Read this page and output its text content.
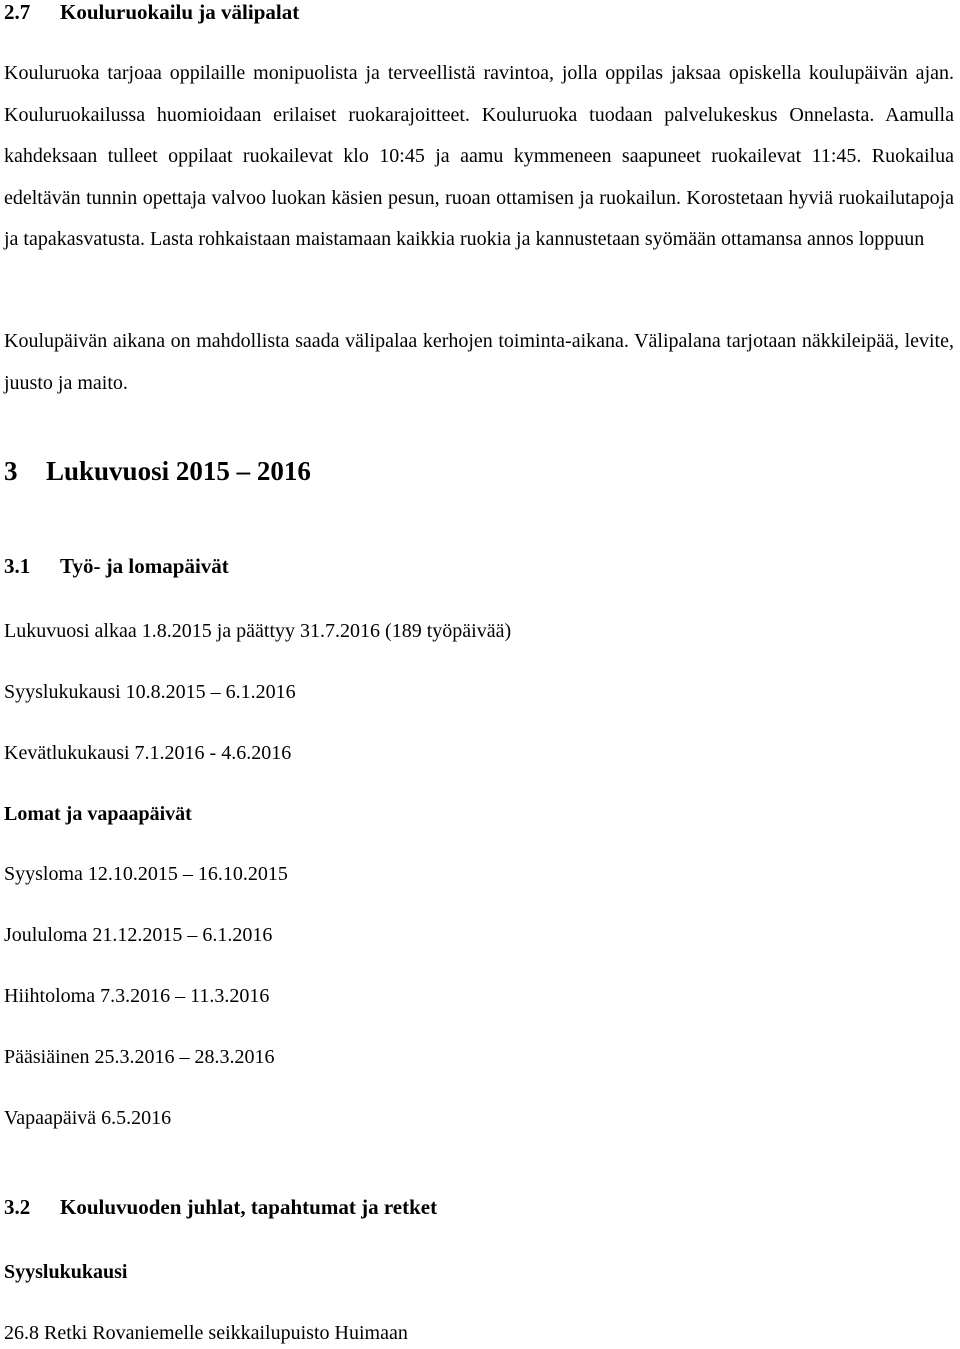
2.7 Kouluruokailu ja välipalat

Kouluruoka tarjoaa oppilaille monipuolista ja terveellistä ravintoa, jolla oppilas jaksaa opiskella koulupäivän ajan. Kouluruokailussa huomioidaan erilaiset ruokarajoitteet. Kouluruoka tuodaan palvelukeskus Onnelasta. Aamulla kahdeksaan tulleet oppilaat ruokailevat klo 10:45 ja aamu kymmeneen saapuneet ruokailevat 11:45. Ruokailua edeltävän tunnin opettaja valvoo luokan käsien pesun, ruoan ottamisen ja ruokailun. Korostetaan hyviä ruokailutapoja ja tapakasvatusta. Lasta rohkaistaan maistamaan kaikkia ruokia ja kannustetaan syömään ottamansa annos loppuun

Koulupäivän aikana on mahdollista saada välipalaa kerhojen toiminta-aikana. Välipalana tarjotaan näkkileipää, levite, juusto ja maito.

3 Lukuvuosi 2015 – 2016
3.1 Työ- ja lomapäivät
Lukuvuosi alkaa 1.8.2015 ja päättyy 31.7.2016 (189 työpäivää)
Syyslukukausi 10.8.2015 – 6.1.2016
Kevätlukukausi 7.1.2016 - 4.6.2016
Lomat ja vapaapäivät
Syysloma 12.10.2015 – 16.10.2015
Joululoma 21.12.2015 – 6.1.2016
Hiihtoloma 7.3.2016 – 11.3.2016
Pääsiäinen 25.3.2016 – 28.3.2016
Vapaapäivä 6.5.2016
3.2 Kouluvuoden juhlat, tapahtumat ja retket
Syyslukukausi
26.8 Retki Rovaniemelle seikkailupuisto Huimaan
